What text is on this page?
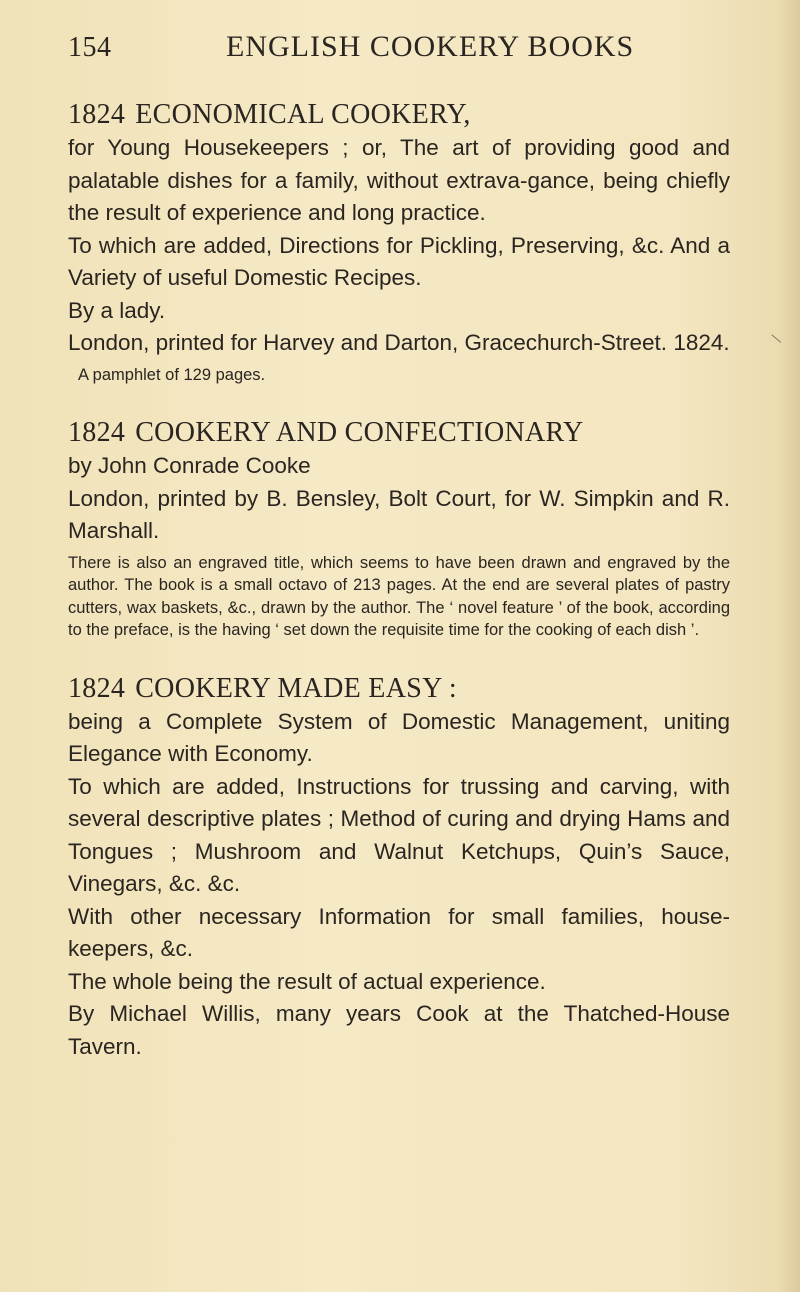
154	ENGLISH COOKERY BOOKS
1824 ECONOMICAL COOKERY,
for Young Housekeepers ; or, The art of providing good and palatable dishes for a family, without extrava-gance, being chiefly the result of experience and long practice.
To which are added, Directions for Pickling, Preserving, &c. And a Variety of useful Domestic Recipes.
By a lady.
London, printed for Harvey and Darton, Gracechurch-Street. 1824.
A pamphlet of 129 pages.
1824 COOKERY AND CONFECTIONARY
by John Conrade Cooke
London, printed by B. Bensley, Bolt Court, for W. Simpkin and R. Marshall.
There is also an engraved title, which seems to have been drawn and engraved by the author. The book is a small octavo of 213 pages. At the end are several plates of pastry cutters, wax baskets, &c., drawn by the author. The ‘ novel feature ’ of the book, according to the preface, is the having ‘ set down the requisite time for the cooking of each dish ’.
1824 COOKERY MADE EASY :
being a Complete System of Domestic Management, uniting Elegance with Economy.
To which are added, Instructions for trussing and carving, with several descriptive plates ; Method of curing and drying Hams and Tongues ; Mushroom and Walnut Ketchups, Quin’s Sauce, Vinegars, &c. &c.
With other necessary Information for small families, house-keepers, &c.
The whole being the result of actual experience.
By Michael Willis, many years Cook at the Thatched-House Tavern.
